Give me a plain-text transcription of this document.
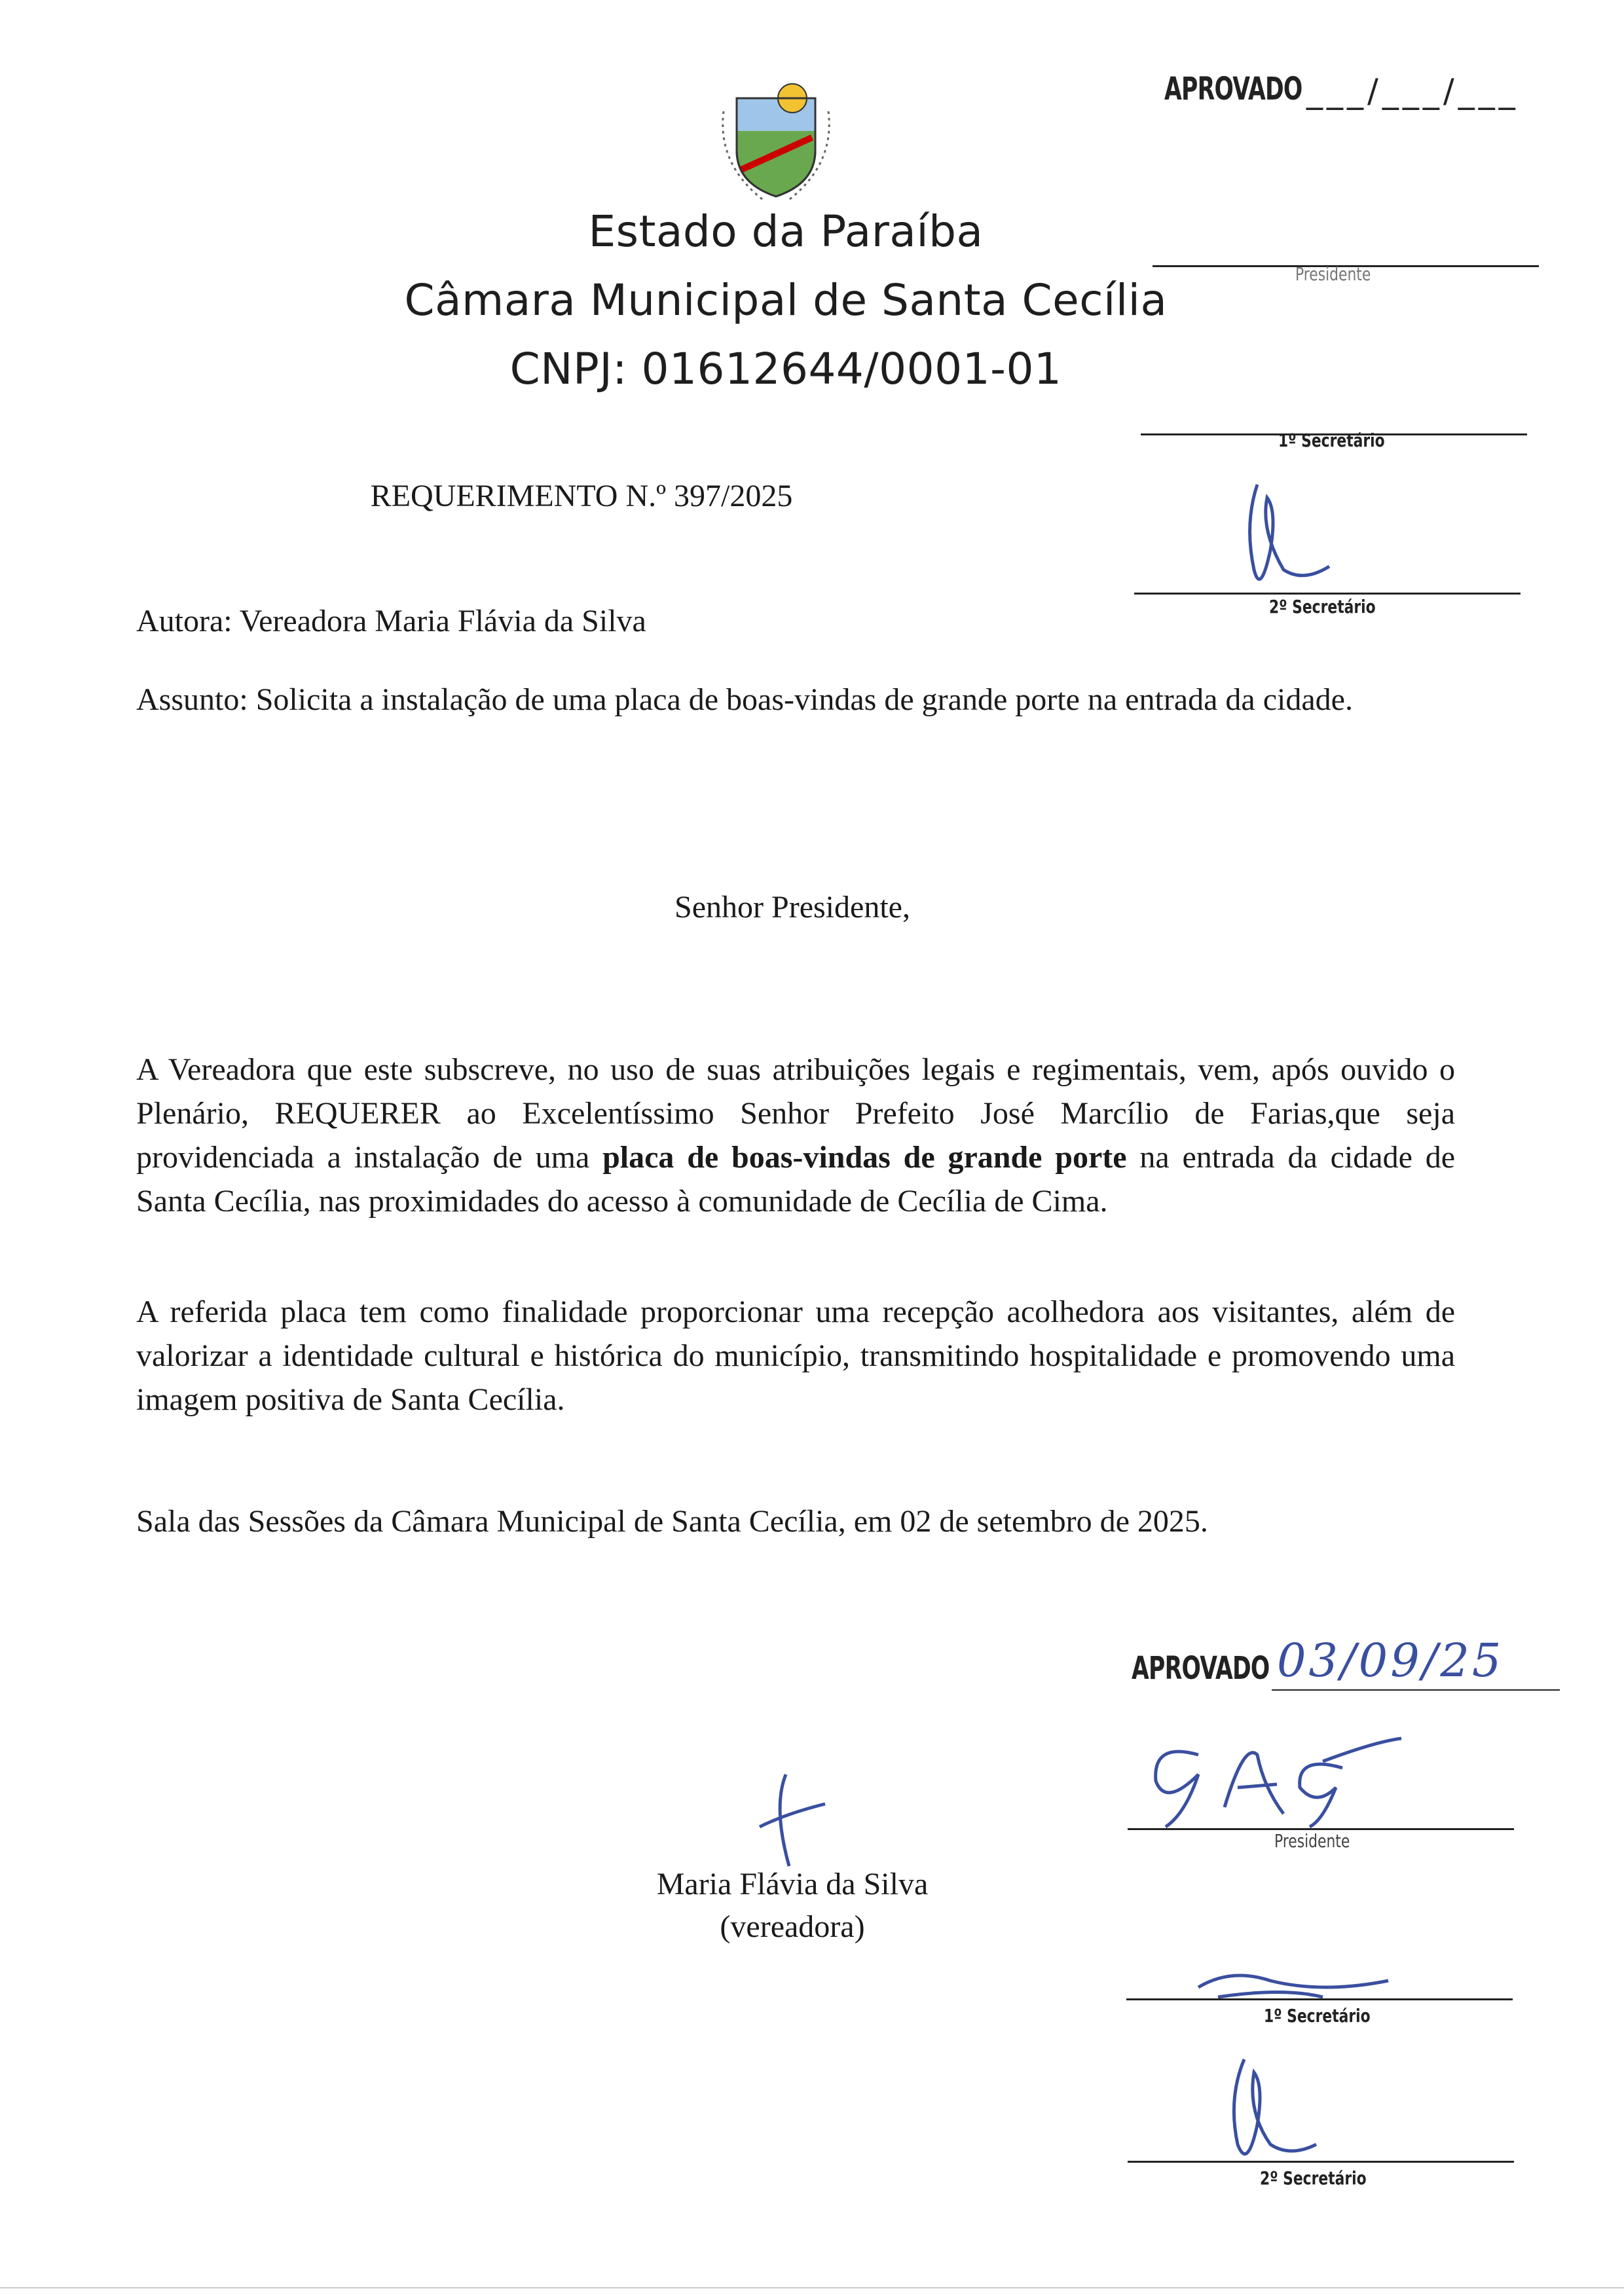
Estado da Paraíba
Câmara Municipal de Santa Cecília
CNPJ: 01612644/0001-01
APROVADO ___/___/___
Presidente
1º Secretário
2º Secretário
REQUERIMENTO N.º 397/2025
Autora: Vereadora Maria Flávia da Silva
Assunto: Solicita a instalação de uma placa de boas-vindas de grande porte na entrada da cidade.
Senhor Presidente,
A Vereadora que este subscreve, no uso de suas atribuições legais e regimentais, vem, após ouvido o Plenário, REQUERER ao Excelentíssimo Senhor Prefeito José Marcílio de Farias,que seja providenciada a instalação de uma placa de boas-vindas de grande porte na entrada da cidade de Santa Cecília, nas proximidades do acesso à comunidade de Cecília de Cima.
A referida placa tem como finalidade proporcionar uma recepção acolhedora aos visitantes, além de valorizar a identidade cultural e histórica do município, transmitindo hospitalidade e promovendo uma imagem positiva de Santa Cecília.
Sala das Sessões da Câmara Municipal de Santa Cecília, em 02 de setembro de 2025.
Maria Flávia da Silva
(vereadora)
APROVADO 03/09/25
Presidente
1º Secretário
2º Secretário
